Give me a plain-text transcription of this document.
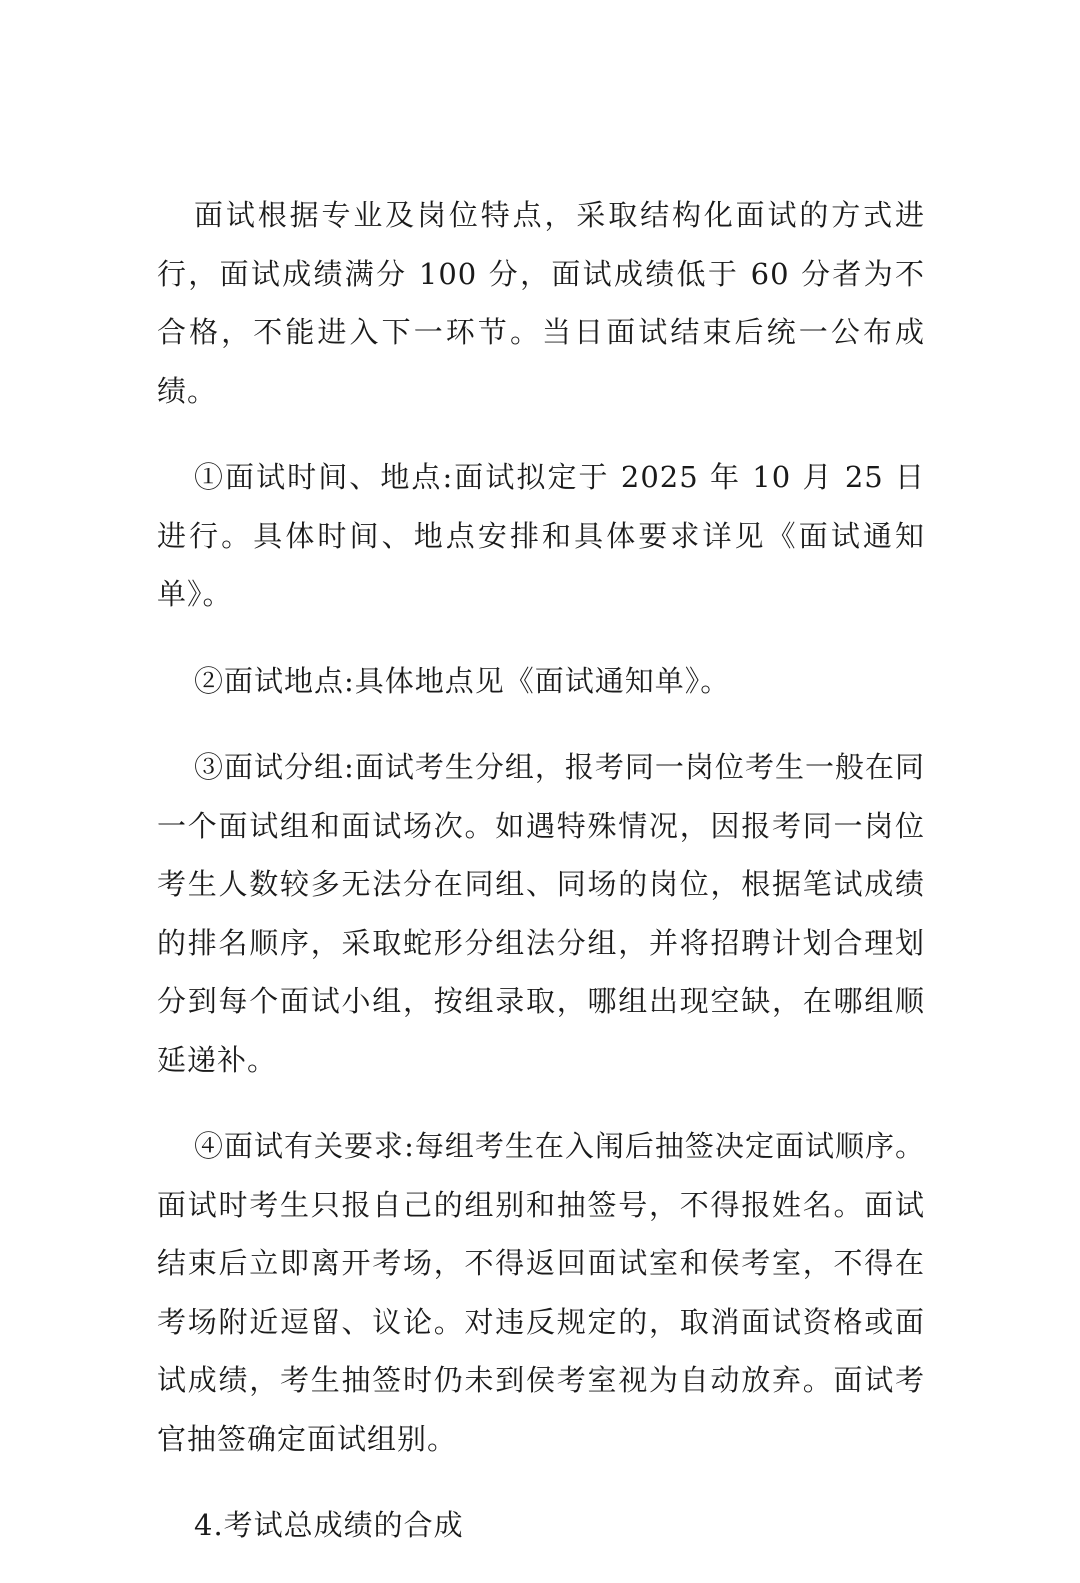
面试根据专业及岗位特点，采取结构化面试的方式进行，面试成绩满分 100 分，面试成绩低于 60 分者为不合格，不能进入下一环节。当日面试结束后统一公布成绩。

①面试时间、地点:面试拟定于 2025 年 10 月 25 日进行。具体时间、地点安排和具体要求详见《面试通知单》。

②面试地点:具体地点见《面试通知单》。

③面试分组:面试考生分组，报考同一岗位考生一般在同一个面试组和面试场次。如遇特殊情况，因报考同一岗位考生人数较多无法分在同组、同场的岗位，根据笔试成绩的排名顺序，采取蛇形分组法分组，并将招聘计划合理划分到每个面试小组，按组录取，哪组出现空缺，在哪组顺延递补。

④面试有关要求:每组考生在入闱后抽签决定面试顺序。面试时考生只报自己的组别和抽签号，不得报姓名。面试结束后立即离开考场，不得返回面试室和侯考室，不得在考场附近逗留、议论。对违反规定的，取消面试资格或面试成绩，考生抽签时仍未到侯考室视为自动放弃。面试考官抽签确定面试组别。

4.考试总成绩的合成
